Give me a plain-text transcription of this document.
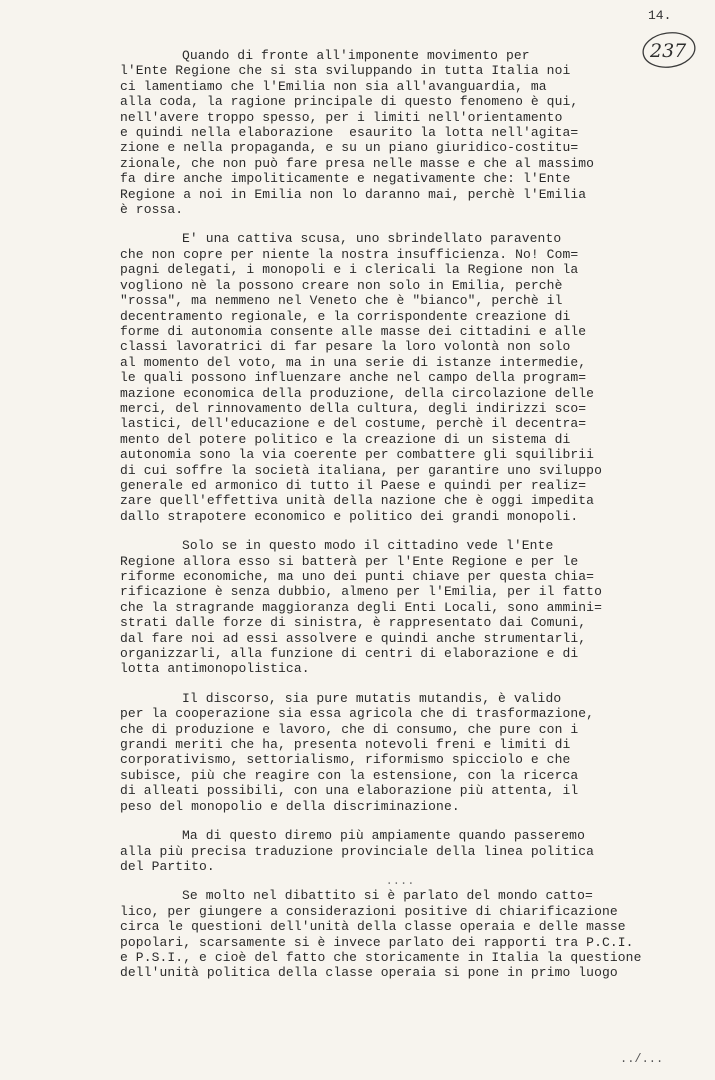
14.
237

Quando di fronte all'imponente movimento per

l'Ente Regione che si sta sviluppando in tutta Italia noi

ci lamentiamo che l'Emilia non sia all'avanguardia, ma

alla coda, la ragione principale di questo fenomeno è qui,

nell'avere troppo spesso, per i limiti nell'orientamento

e quindi nella elaborazione  esaurito la lotta nell'agita=

zione e nella propaganda, e su un piano giuridico-costitu=

zionale, che non può fare presa nelle masse e che al massimo

fa dire anche impoliticamente e negativamente che: l'Ente

Regione a noi in Emilia non lo daranno mai, perchè l'Emilia

è rossa.

E' una cattiva scusa, uno sbrindellato paravento

che non copre per niente la nostra insufficienza. No! Com=

pagni delegati, i monopoli e i clericali la Regione non la

vogliono nè la possono creare non solo in Emilia, perchè

"rossa", ma nemmeno nel Veneto che è "bianco", perchè il

decentramento regionale, e la corrispondente creazione di

forme di autonomia consente alle masse dei cittadini e alle

classi lavoratrici di far pesare la loro volontà non solo

al momento del voto, ma in una serie di istanze intermedie,

le quali possono influenzare anche nel campo della program=

mazione economica della produzione, della circolazione delle

merci, del rinnovamento della cultura, degli indirizzi sco=

lastici, dell'educazione e del costume, perchè il decentra=

mento del potere politico e la creazione di un sistema di

autonomia sono la via coerente per combattere gli squilibrii

di cui soffre la società italiana, per garantire uno sviluppo

generale ed armonico di tutto il Paese e quindi per realiz=

zare quell'effettiva unità della nazione che è oggi impedita

dallo strapotere economico e politico dei grandi monopoli.

Solo se in questo modo il cittadino vede l'Ente

Regione allora esso si batterà per l'Ente Regione e per le

riforme economiche, ma uno dei punti chiave per questa chia=

rificazione è senza dubbio, almeno per l'Emilia, per il fatto

che la stragrande maggioranza degli Enti Locali, sono ammini=

strati dalle forze di sinistra, è rappresentato dai Comuni,

dal fare noi ad essi assolvere e quindi anche strumentarli,

organizzarli, alla funzione di centri di elaborazione e di

lotta antimonopolistica.

Il discorso, sia pure mutatis mutandis, è valido

per la cooperazione sia essa agricola che di trasformazione,

che di produzione e lavoro, che di consumo, che pure con i

grandi meriti che ha, presenta notevoli freni e limiti di

corporativismo, settorialismo, riformismo spicciolo e che

subisce, più che reagire con la estensione, con la ricerca

di alleati possibili, con una elaborazione più attenta, il

peso del monopolio e della discriminazione.

Ma di questo diremo più ampiamente quando passeremo

alla più precisa traduzione provinciale della linea politica

del Partito.

....

Se molto nel dibattito si è parlato del mondo catto=

lico, per giungere a considerazioni positive di chiarificazione

circa le questioni dell'unità della classe operaia e delle masse

popolari, scarsamente si è invece parlato dei rapporti tra P.C.I.

e P.S.I., e cioè del fatto che storicamente in Italia la questione

dell'unità politica della classe operaia si pone in primo luogo

../...
